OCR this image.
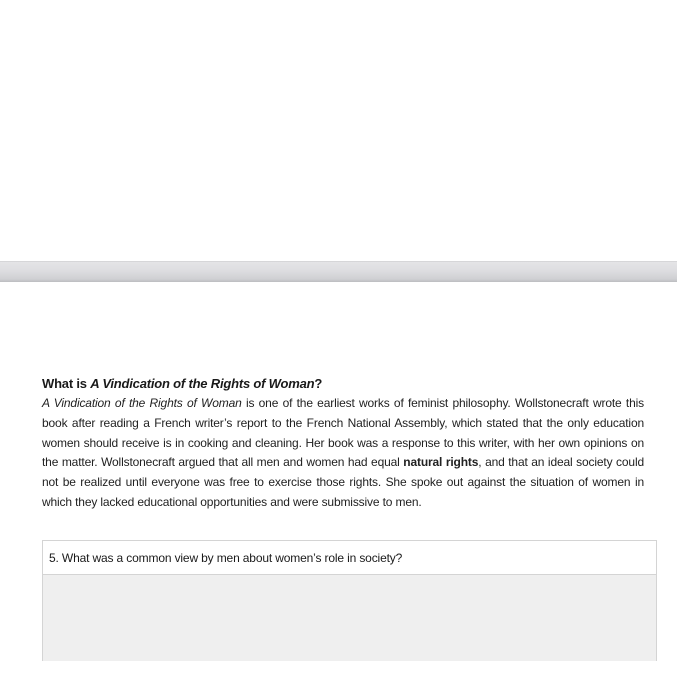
What is A Vindication of the Rights of Woman?

A Vindication of the Rights of Woman is one of the earliest works of feminist philosophy. Wollstonecraft wrote this book after reading a French writer’s report to the French National Assembly, which stated that the only education women should receive is in cooking and cleaning. Her book was a response to this writer, with her own opinions on the matter. Wollstonecraft argued that all men and women had equal natural rights, and that an ideal society could not be realized until everyone was free to exercise those rights. She spoke out against the situation of women in which they lacked educational opportunities and were submissive to men.

5. What was a common view by men about women’s role in society?
